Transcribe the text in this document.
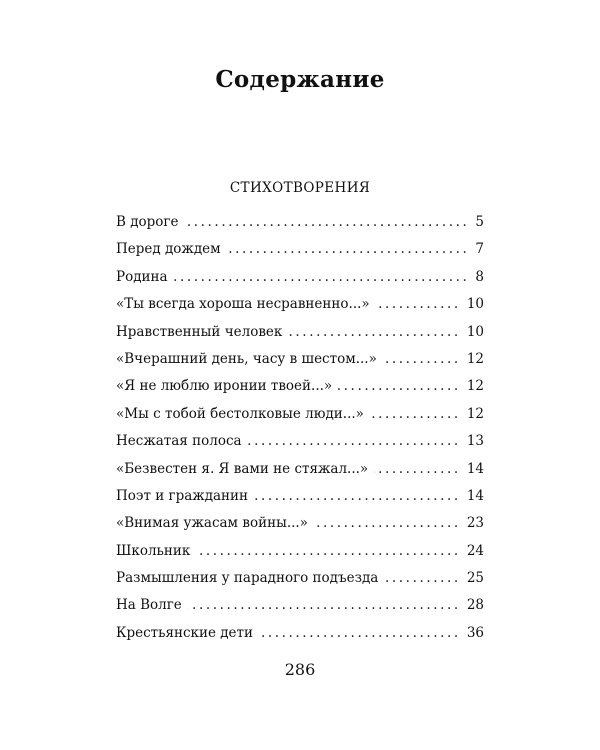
Содержание
СТИХОТВОРЕНИЯ
В дороге .....	5
Перед дождем .....	7
Родина .....	8
«Ты всегда хороша несравненно...» .....	10
Нравственный человек .....	10
«Вчерашний день, часу в шестом...» .....	12
«Я не люблю иронии твоей...» .....	12
«Мы с тобой бестолковые люди...» .....	12
Несжатая полоса .....	13
«Безвестен я. Я вами не стяжал...» .....	14
Поэт и гражданин .....	14
«Внимая ужасам войны...» .....	23
Школьник .....	24
Размышления у парадного подъезда .....	25
На Волге .....	28
Крестьянские дети .....	36
286
